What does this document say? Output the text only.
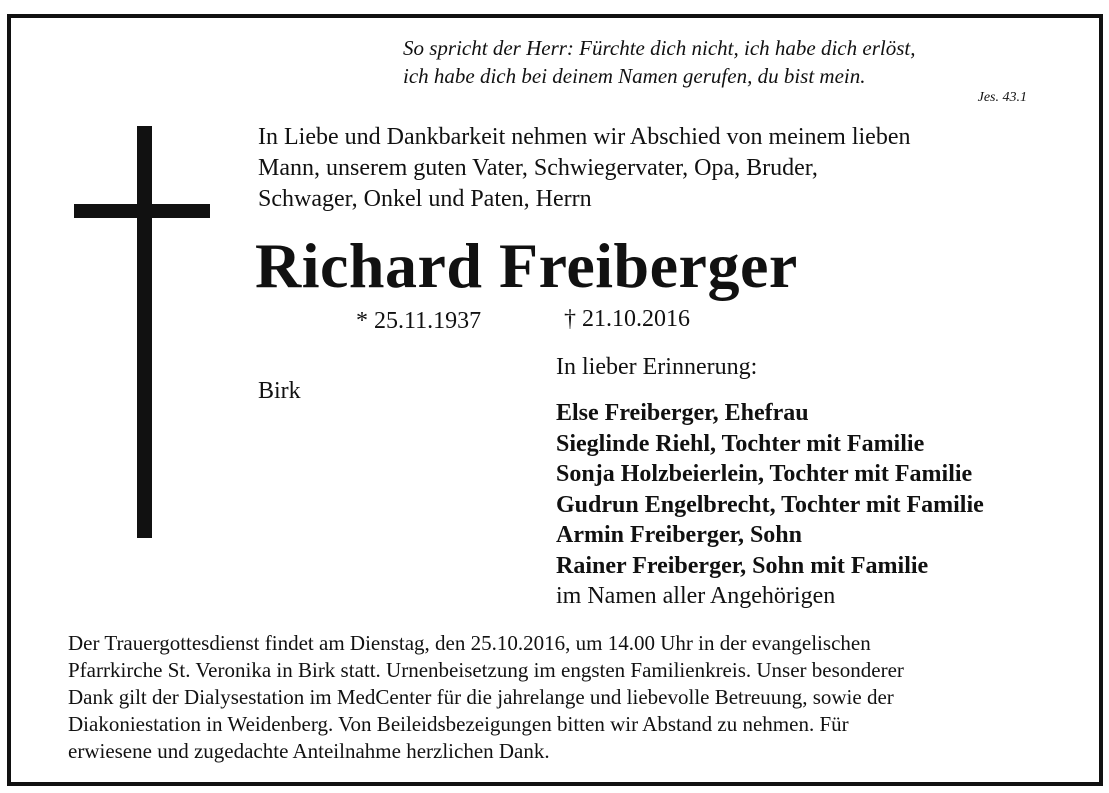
So spricht der Herr: Fürchte dich nicht, ich habe dich erlöst,
ich habe dich bei deinem Namen gerufen, du bist mein.
Jes. 43.1
In Liebe und Dankbarkeit nehmen wir Abschied von meinem lieben
Mann, unserem guten Vater, Schwiegervater, Opa, Bruder,
Schwager, Onkel und Paten, Herrn
Richard Freiberger
* 25.11.1937	† 21.10.2016
Birk
In lieber Erinnerung:
Else Freiberger, Ehefrau
Sieglinde Riehl, Tochter mit Familie
Sonja Holzbeierlein, Tochter mit Familie
Gudrun Engelbrecht, Tochter mit Familie
Armin Freiberger, Sohn
Rainer Freiberger, Sohn mit Familie
im Namen aller Angehörigen
Der Trauergottesdienst findet am Dienstag, den 25.10.2016, um 14.00 Uhr in der evangelischen
Pfarrkirche St. Veronika in Birk statt. Urnenbeisetzung im engsten Familienkreis. Unser besonderer
Dank gilt der Dialysestation im MedCenter für die jahrelange und liebevolle Betreuung, sowie der
Diakoniestation in Weidenberg. Von Beileidsbezeigungen bitten wir Abstand zu nehmen. Für
erwiesene und zugedachte Anteilnahme herzlichen Dank.
